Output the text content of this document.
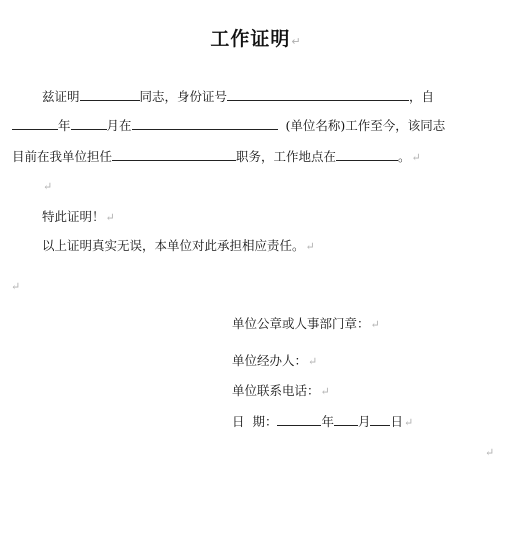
工作证明↵
兹证明	同志，身份证号	，自
年	月在	(单位名称)工作至今，该同志
目前在我单位担任	职务，工作地点在	。↵
↵
特此证明！↵
以上证明真实无误，本单位对此承担相应责任。↵
↵
单位公章或人事部门章：↵
单位经办人：↵
单位联系电话：↵
日  期：	年 月 日↵
↵
